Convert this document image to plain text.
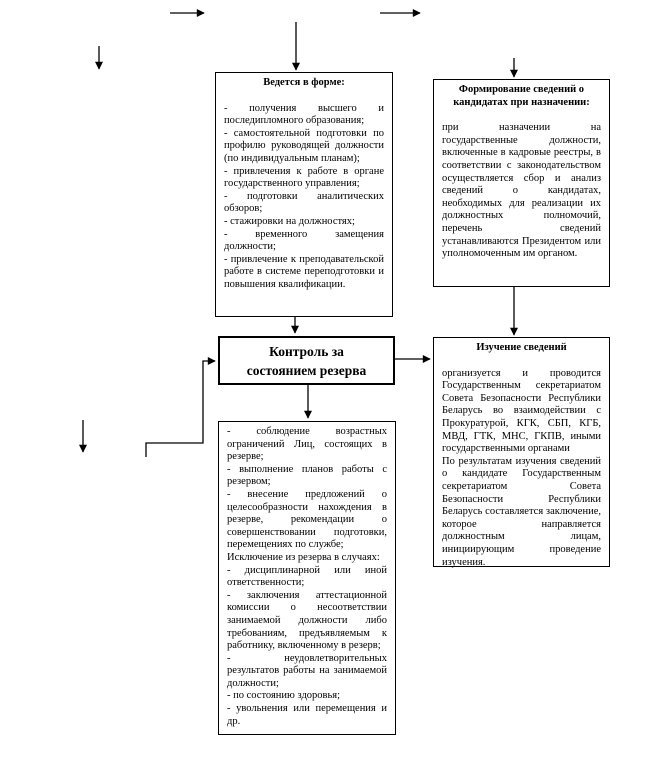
Ведется в форме:

- получения высшего и последипломного образования;

- самостоятельной подготовки по профилю руководящей должности (по индивидуальным планам);

- привлечения к работе в органе государственного управления;

- подготовки аналитических обзоров;

- стажировки на должностях;

- временного замещения должности;

- привлечение к преподавательской работе в системе переподготовки и повышения квалификации.

Формирование сведений о кандидатах при назначении:

при назначении на государственные должности, включенные в кадровые реестры, в соответствии с законодательством осуществляется сбор и анализ сведений о кандидатах, необходимых для реализации их должностных полномочий, перечень сведений устанавливаются Президентом или уполномоченным им органом.

Контроль за состоянием резерва
Изучение сведений

организуется и проводится Государственным секретариатом Совета Безопасности Республики Беларусь во взаимодействии с Прокуратурой, КГК, СБП, КГБ, МВД, ГТК, МНС, ГКПВ, иными государственными органами

По результатам изучения сведений о кандидате Государственным секретариатом Совета Безопасности Республики Беларусь составляется заключение, которое направляется должностным лицам, инициирующим проведение изучения.

- соблюдение возрастных ограничений Лиц, состоящих в резерве;

- выполнение планов работы с резервом;

- внесение предложений о целесообразности нахождения в резерве, рекомендации о совершенствовании подготовки, перемещениях по службе;

Исключение из резерва в случаях:

- дисциплинарной или иной ответственности;

- заключения аттестационной комиссии о несоответствии занимаемой должности либо требованиям, предъявляемым к работнику, включенному в резерв;

- неудовлетворительных результатов работы на занимаемой должности;

- по состоянию здоровья;

- увольнения или перемещения и др.
